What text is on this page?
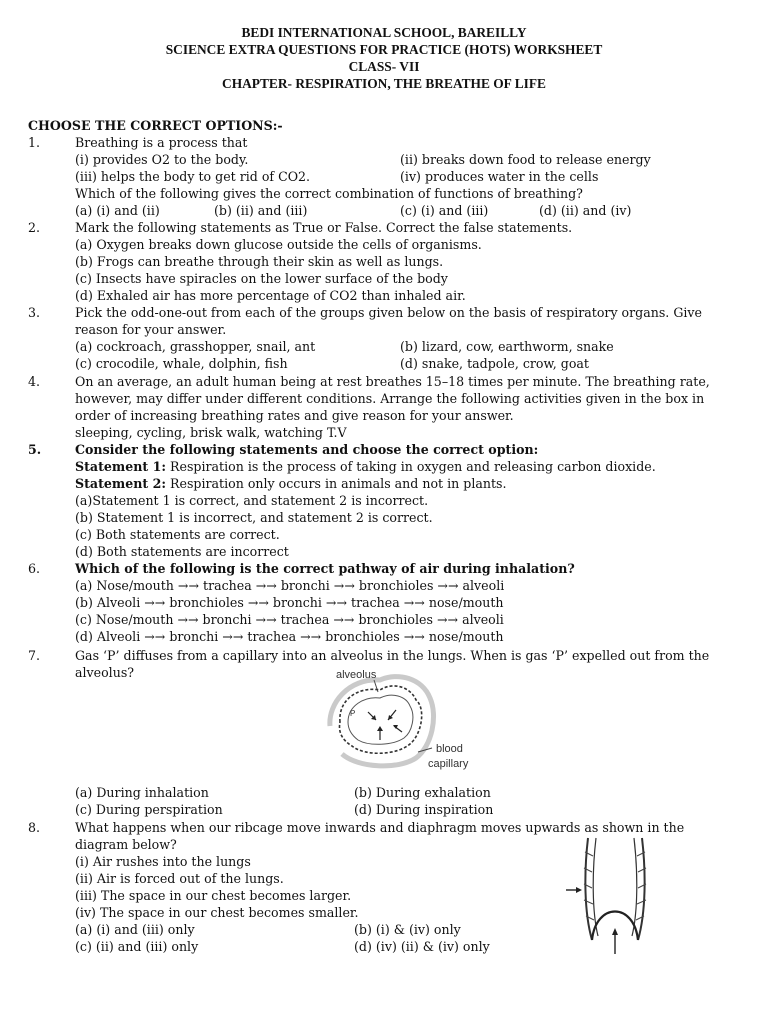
BEDI INTERNATIONAL SCHOOL, BAREILLY
SCIENCE EXTRA QUESTIONS FOR PRACTICE (HOTS) WORKSHEET
CLASS- VII
CHAPTER- RESPIRATION, THE BREATHE OF LIFE
CHOOSE THE CORRECT OPTIONS:-
1.	Breathing is a process that
(i) provides O2 to the body.	(ii) breaks down food to release energy
(iii) helps the body to get rid of CO2.	(iv) produces water in the cells
Which of the following gives the correct combination of functions of breathing?
(a) (i) and (ii)	(b) (ii) and (iii)	(c) (i) and (iii)	(d) (ii) and (iv)
2.	Mark the following statements as True or False. Correct the false statements.
(a) Oxygen breaks down glucose outside the cells of organisms.
(b) Frogs can breathe through their skin as well as lungs.
(c) Insects have spiracles on the lower surface of the body
(d) Exhaled air has more percentage of CO2 than inhaled air.
3.	Pick the odd-one-out from each of the groups given below on the basis of respiratory organs. Give
reason for your answer.
(a) cockroach, grasshopper, snail, ant	(b) lizard, cow, earthworm, snake
(c) crocodile, whale, dolphin, fish	(d) snake, tadpole, crow, goat
4.	On an average, an adult human being at rest breathes 15–18 times per minute. The breathing rate,
however, may differ under different conditions. Arrange the following activities given in the box in
order of increasing breathing rates and give reason for your answer.
sleeping, cycling, brisk walk, watching T.V
5.	Consider the following statements and choose the correct option:
Statement 1: Respiration is the process of taking in oxygen and releasing carbon dioxide.
Statement 2: Respiration only occurs in animals and not in plants.
(a)Statement 1 is correct, and statement 2 is incorrect.
(b) Statement 1 is incorrect, and statement 2 is correct.
(c) Both statements are correct.
(d) Both statements are incorrect
6.	Which of the following is the correct pathway of air during inhalation?
(a) Nose/mouth →→ trachea →→ bronchi →→ bronchioles →→ alveoli
(b) Alveoli →→ bronchioles →→ bronchi →→ trachea →→ nose/mouth
(c) Nose/mouth →→ bronchi →→ trachea →→ bronchioles →→ alveoli
(d) Alveoli →→ bronchi →→ trachea →→ bronchioles →→ nose/mouth
7.	Gas ‘P’ diffuses from a capillary into an alveolus in the lungs. When is gas ‘P’ expelled out from the
alveolus?	alveolus
P
blood
capillary
(a) During inhalation	(b) During exhalation
(c) During perspiration	(d) During inspiration
8.	What happens when our ribcage move inwards and diaphragm moves upwards as shown in the
diagram below?
(i) Air rushes into the lungs
(ii) Air is forced out of the lungs.
(iii) The space in our chest becomes larger.
(iv) The space in our chest becomes smaller.
(a) (i) and (iii) only	(b) (i) & (iv) only
(c) (ii) and (iii) only	(d) (iv) (ii) & (iv) only
